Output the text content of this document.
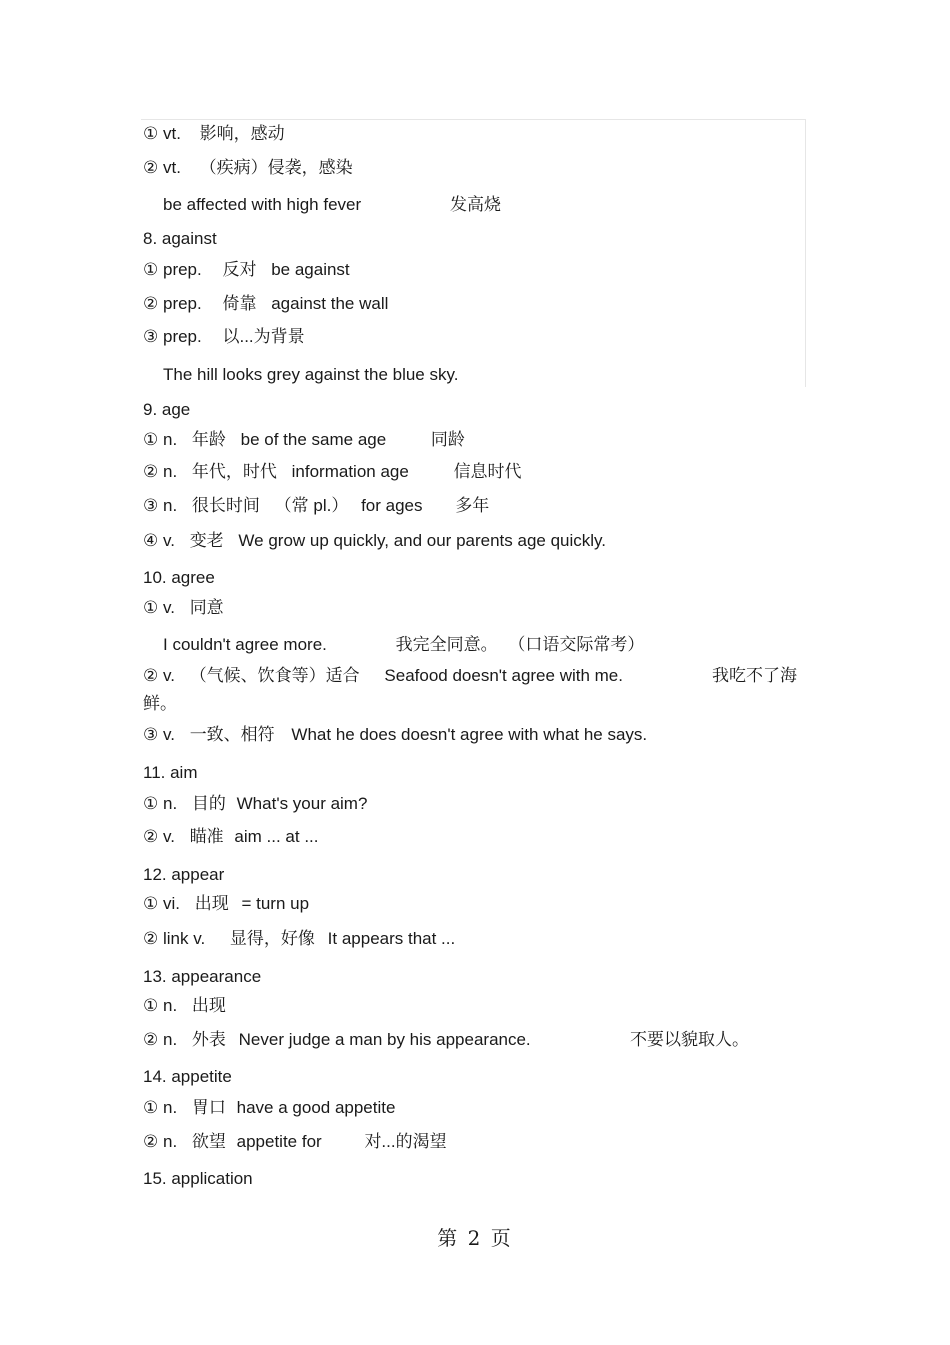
① vt. 影响，感动
② vt. （疾病）侵袭，感染
be affected with high fever	发高烧
8. against
① prep. 反对 be against
② prep. 倚靠 against the wall
③ prep. 以...为背景
The hill looks grey against the blue sky.
9. age
① n. 年龄 be of the same age	同龄
② n. 年代，时代 information age	信息时代
③ n. 很长时间 （常 pl.） for ages 多年
④ v. 变老 We grow up quickly, and our parents age quickly.
10. agree
① v. 同意
I couldn't agree more.	我完全同意。 （口语交际常考）
② v. （气候、饮食等）适合 Seafood doesn't agree with me.	我吃不了海
鲜。
③ v. 一致、相符 What he does doesn't agree with what he says.
11. aim
① n. 目的 What's your aim?
② v. 瞄准 aim ... at ...
12. appear
① vi. 出现 = turn up
② link v. 显得，好像 It appears that ...
13. appearance
① n. 出现
② n. 外表 Never judge a man by his appearance.	不要以貌取人。
14. appetite
① n. 胃口 have a good appetite
② n. 欲望 appetite for	对...的渴望
15. application
第 2 页
